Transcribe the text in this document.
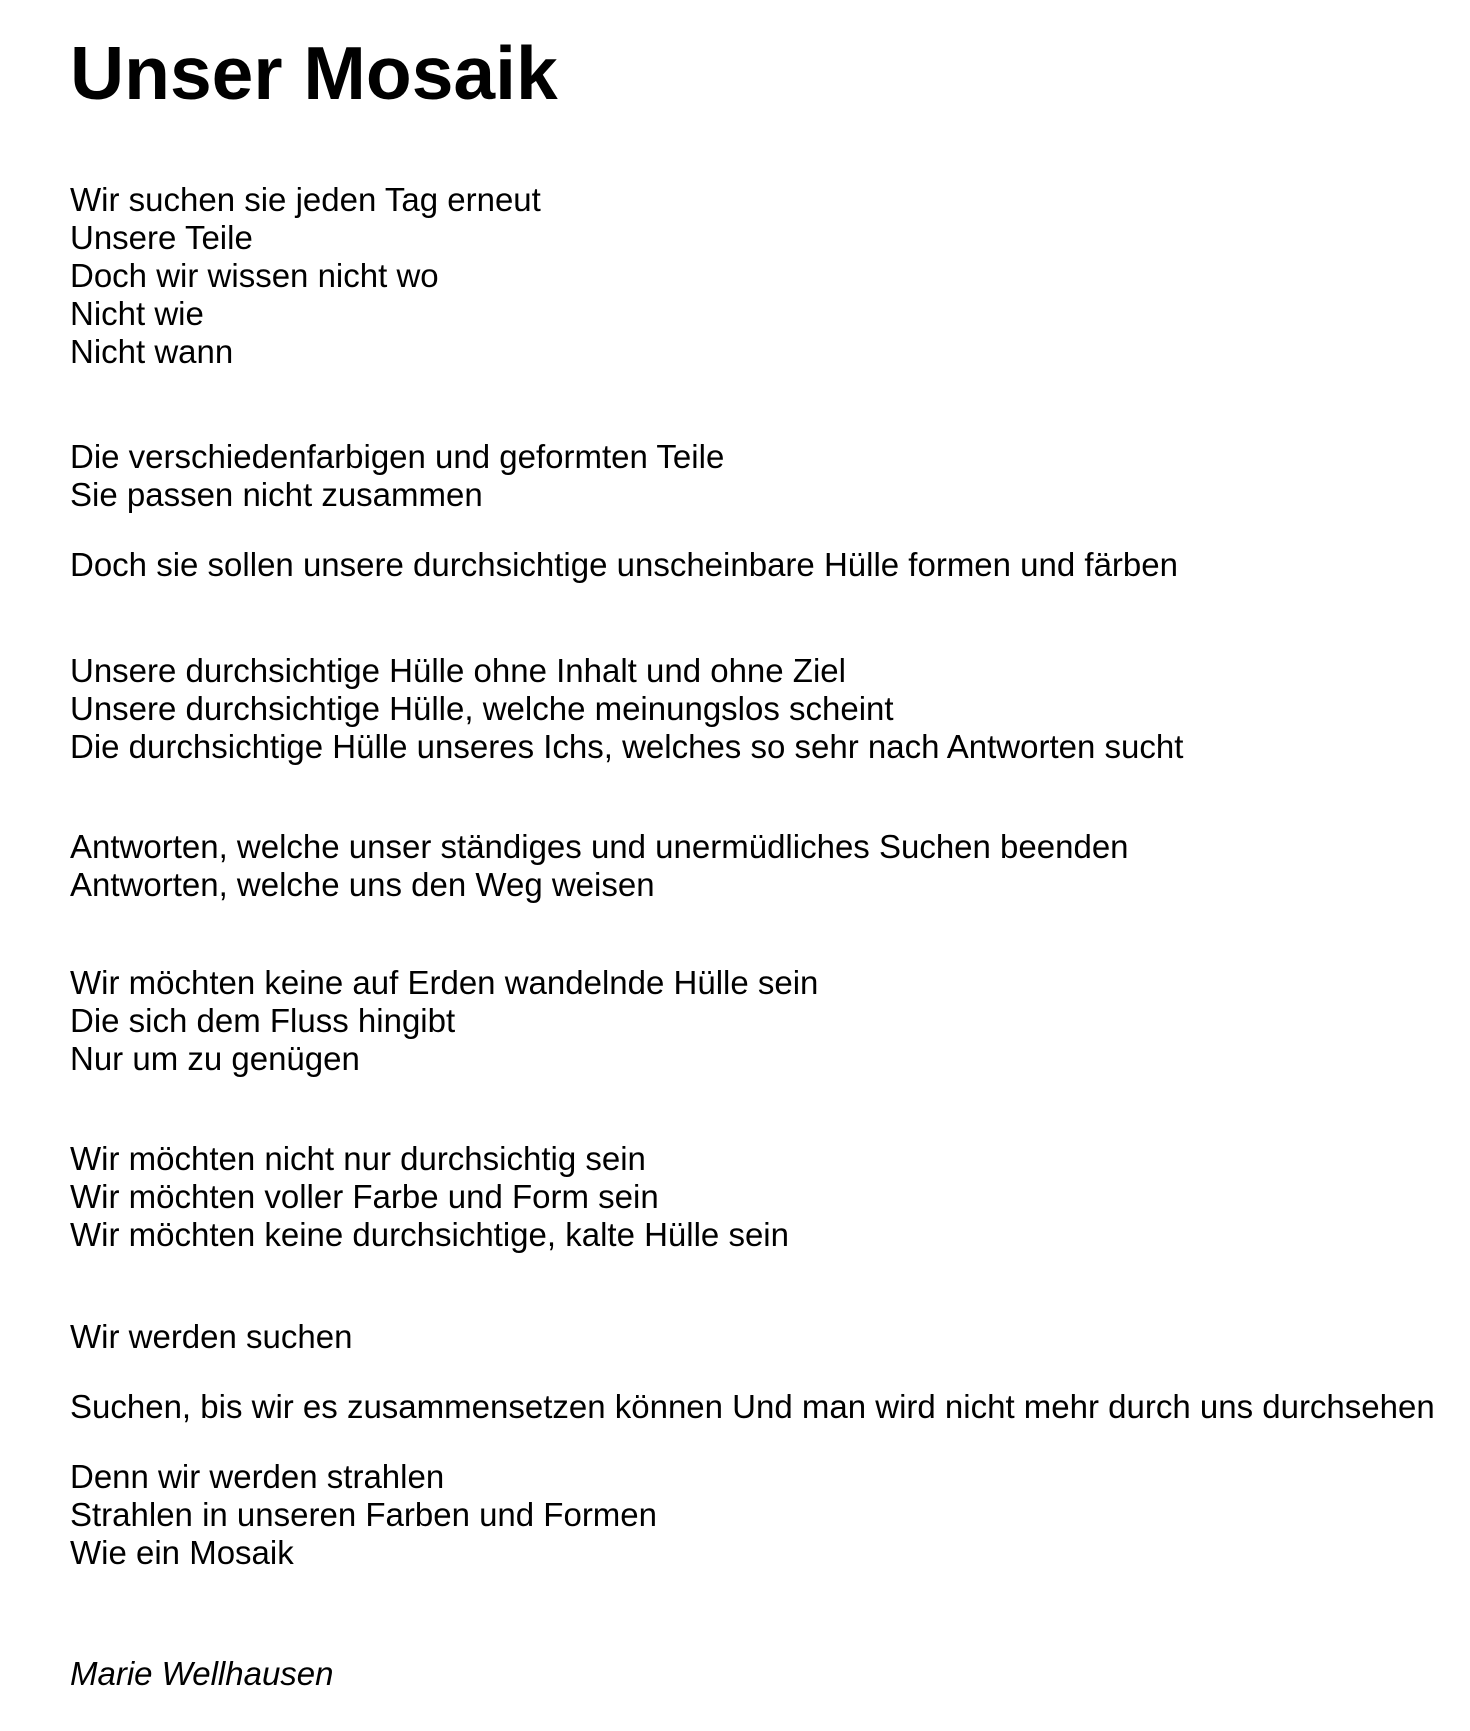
Unser Mosaik

Wir suchen sie jeden Tag erneut

Unsere Teile

Doch wir wissen nicht wo

Nicht wie

Nicht wann

Die verschiedenfarbigen und geformten Teile

Sie passen nicht zusammen

Doch sie sollen unsere durchsichtige unscheinbare Hülle formen und färben

Unsere durchsichtige Hülle ohne Inhalt und ohne Ziel

Unsere durchsichtige Hülle, welche meinungslos scheint

Die durchsichtige Hülle unseres Ichs, welches so sehr nach Antworten sucht

Antworten, welche unser ständiges und unermüdliches Suchen beenden

Antworten, welche uns den Weg weisen

Wir möchten keine auf Erden wandelnde Hülle sein

Die sich dem Fluss hingibt

Nur um zu genügen

Wir möchten nicht nur durchsichtig sein

Wir möchten voller Farbe und Form sein

Wir möchten keine durchsichtige, kalte Hülle sein

Wir werden suchen

Suchen, bis wir es zusammensetzen können Und man wird nicht mehr durch uns durchsehen

Denn wir werden strahlen

Strahlen in unseren Farben und Formen

Wie ein Mosaik

Marie Wellhausen
